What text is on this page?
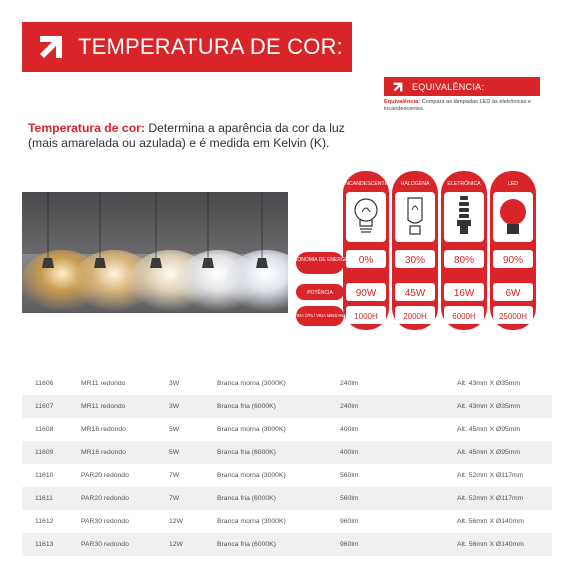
TEMPERATURA DE COR:
EQUIVALÊNCIA:

Equivalência: Compara as lâmpadas LED às eletrônicas e incandescentes.

Temperatura de cor: Determina a aparência da cor da luz (mais amarelada ou azulada) e é medida em Kelvin (K).

ECONOMIA DE ENERGIA
POTÊNCIA
VIDA ÚTIL/ VIDA MEDIANA
INCANDESCENTE HALOGENA	ELETRÔNICA	LED
0%	30%	80%	90%
90W	45W	16W	6W
1000H	2000H	6000H	25000H
11606	MR11 redondo	3W	Branca morna (3000K)	240lm	Alt. 43mm X Ø35mm
11607	MR11 redondo	3W	Branca fria (6000K)	240lm	Alt. 43mm X Ø35mm
11608	MR16 redondo	5W	Branca morna (3000K)	400lm	Alt. 45mm X Ø95mm
11609	MR16 redondo	5W	Branca fria (6000K)	400lm	Alt. 45mm X Ø95mm
11610	PAR20 redondo	7W	Branca morna (3000K)	560lm	Alt. 52mm X Ø117mm
11611	PAR20 redondo	7W	Branca fria (6000K)	560lm	Alt. 52mm X Ø117mm
11612	PAR30 redondo	12W	Branca morna (3000K)	960lm	Alt. 56mm X Ø140mm
11613	PAR30 redondo	12W	Branca fria (6000K)	960lm	Alt. 56mm X Ø140mm
